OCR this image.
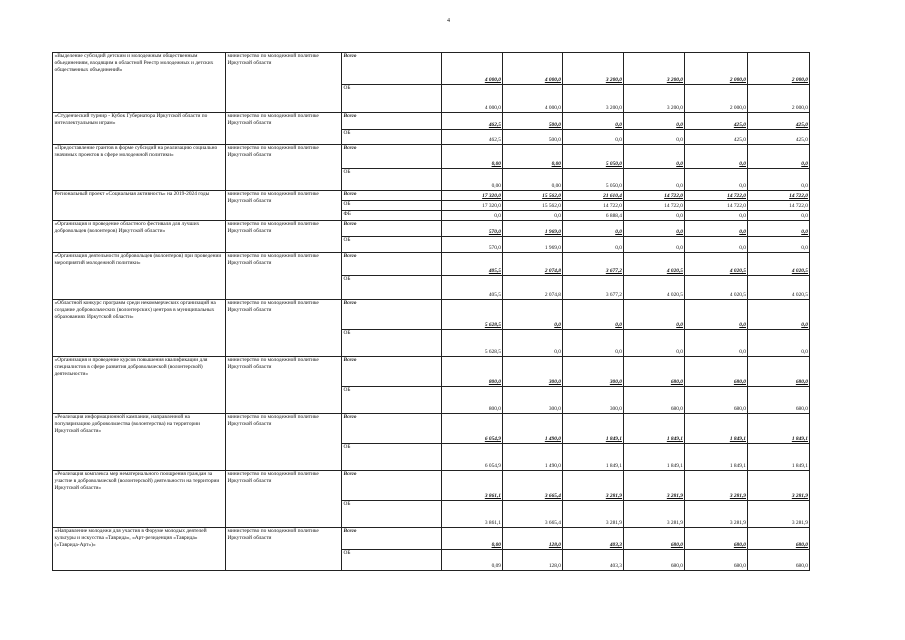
4
«Выделение субсидий детским и молодежным общественным объединениям, входящим в областной Реестр молодежных и детских общественных объединений»	министерство по молодежной политике Иркутской области	Всего	4 000,0	4 000,0	3 200,0	3 200,0	2 000,0	2 000,0
		ОБ	4 000,0	4 000,0	3 200,0	3 200,0	2 000,0	2 000,0
«Студенческий турнир - Кубок Губернатора Иркутской области по интеллектуальным играм»	министерство по молодежной политике Иркутской области	Всего	462,5	500,0	0,0	0,0	425,0	425,0
		ОБ	462,5	500,0	0,0	0,0	425,0	425,0
«Предоставление грантов в форме субсидий на реализацию социально значимых проектов в сфере молодежной политики»	министерство по молодежной политике Иркутской области	Всего	0,00	0,00	5 050,0	0,0	0,0	0,0
		ОБ	0,00	0,00	5 050,0	0,0	0,0	0,0
Региональный проект «Социальная активность» на 2019-2024 годы	министерство по молодежной политике Иркутской области	Всего	17 320,0	15 562,0	21 610,4	14 722,0	14 722,0	14 722,0
		ОБ	17 320,0	15 562,0	14 722,0	14 722,0	14 722,0	14 722,0
		ФБ	0,0	0,0	6 888,4	0,0	0,0	0,0
«Организация и проведение областного фестиваля для лучших добровольцев (волонтеров) Иркутской области»	министерство по молодежной политике Иркутской области	Всего	570,0	1 969,0	0,0	0,0	0,0	0,0
		ОБ	570,0	1 969,0	0,0	0,0	0,0	0,0
«Организация деятельности добровольцев (волонтеров) при проведении мероприятий молодежной политики»	министерство по молодежной политике Иркутской области	Всего	405,5	2 074,8	3 677,2	4 020,5	4 020,5	4 020,5
		ОБ	405,5	2 074,8	3 677,2	4 020,5	4 020,5	4 020,5
«Областной конкурс программ среди некоммерческих организаций на создание добровольческих (волонтерских) центров в муниципальных образованиях Иркутской области»	министерство по молодежной политике Иркутской области	Всего	5 628,5	0,0	0,0	0,0	0,0	0,0
		ОБ	5 628,5	0,0	0,0	0,0	0,0	0,0
«Организация и проведение курсов повышения квалификации для специалистов в сфере развития добровольческой (волонтерской) деятельности»	министерство по молодежной политике Иркутской области	Всего	800,0	300,0	300,0	680,0	680,0	680,0
		ОБ	800,0	300,0	300,0	680,0	680,0	680,0
«Реализация информационной кампании, направленной на популяризацию добровольчества (волонтерства) на территории Иркутской области»	министерство по молодежной политике Иркутской области	Всего	6 054,9	1 490,0	1 849,1	1 849,1	1 849,1	1 849,1
		ОБ	6 054,9	1 490,0	1 849,1	1 849,1	1 849,1	1 849,1
«Реализация комплекса мер нематериального поощрения граждан за участие в добровольческой (волонтерской) деятельности на территории Иркутской области»	министерство по молодежной политике Иркутской области	Всего	3 861,1	3 665,4	3 281,9	3 281,9	3 281,9	3 281,9
		ОБ	3 861,1	3 665,4	3 281,9	3 281,9	3 281,9	3 281,9
«Направление молодежи для участия в Форуме молодых деятелей культуры и искусства «Таврида», «Арт-резиденция «Таврида» («Таврида-Арт»)»	министерство по молодежной политике Иркутской области	Всего	0,00	128,0	403,3	680,0	680,0	680,0
		ОБ	0,09	128,0	403,3	680,0	680,0	680,0
